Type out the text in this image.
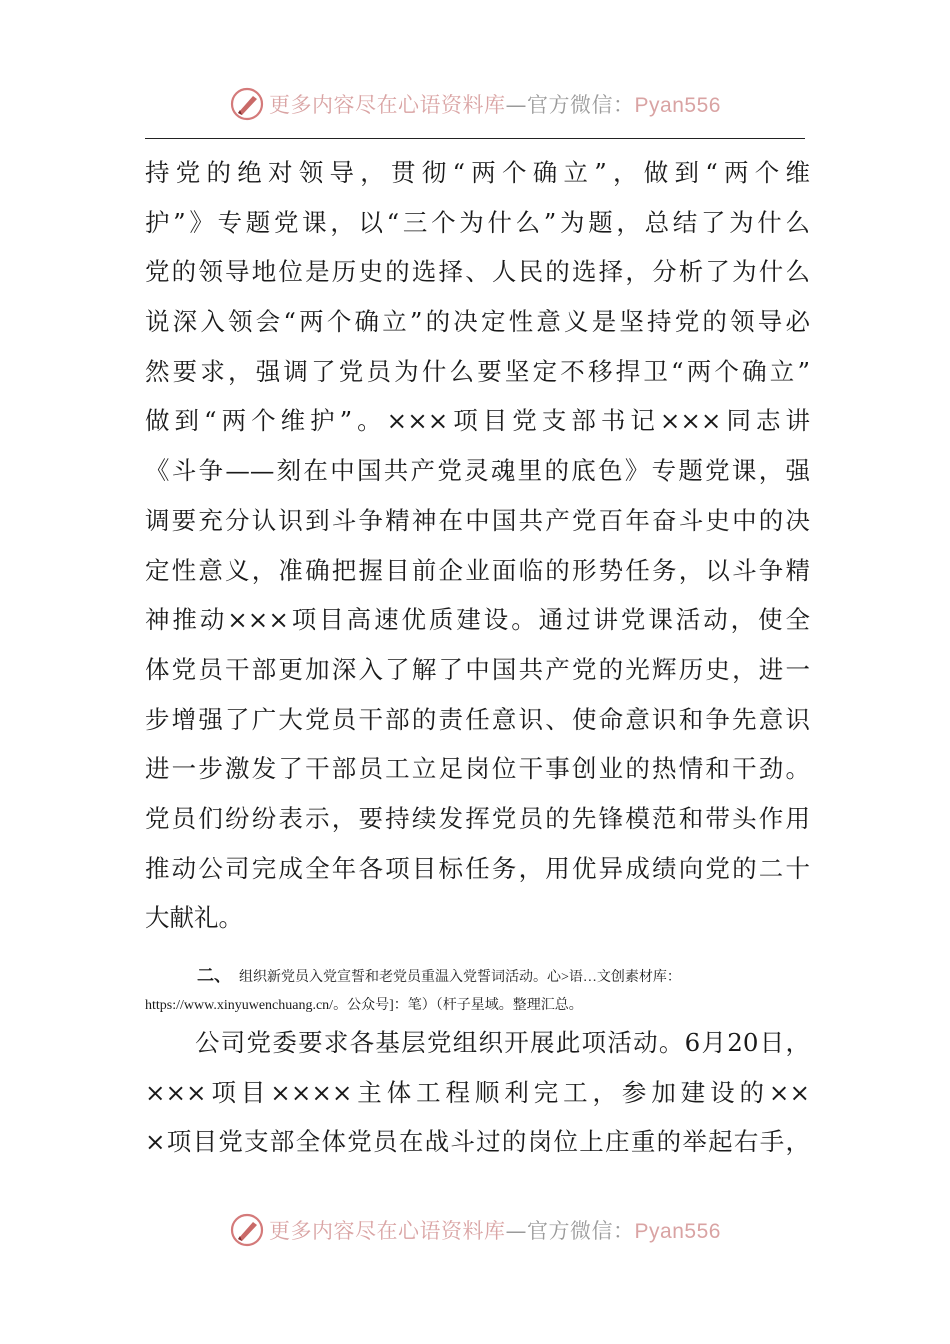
更多内容尽在心语资料库—官方微信：Pyan556
持党的绝对领导，贯彻“两个确立”，做到“两个维
护”》专题党课，以“三个为什么”为题，总结了为什么
党的领导地位是历史的选择、人民的选择，分析了为什么
说深入领会“两个确立”的决定性意义是坚持党的领导必
然要求，强调了党员为什么要坚定不移捍卫“两个确立”
做到“两个维护”。×××项目党支部书记×××同志讲
《斗争——刻在中国共产党灵魂里的底色》专题党课，强
调要充分认识到斗争精神在中国共产党百年奋斗史中的决
定性意义，准确把握目前企业面临的形势任务，以斗争精
神推动×××项目高速优质建设。通过讲党课活动，使全
体党员干部更加深入了解了中国共产党的光辉历史，进一
步增强了广大党员干部的责任意识、使命意识和争先意识
进一步激发了干部员工立足岗位干事创业的热情和干劲。
党员们纷纷表示，要持续发挥党员的先锋模范和带头作用
推动公司完成全年各项目标任务，用优异成绩向党的二十
大献礼。
二、 组织新党员入党宣誓和老党员重温入党誓词活动。心>语…文创素材库：
https://www.xinyuwenchuang.cn/。公众号]：笔）（杆子星域。整理汇总。
公司党委要求各基层党组织开展此项活动。6月20日，
×××项目××××主体工程顺利完工，参加建设的××
×项目党支部全体党员在战斗过的岗位上庄重的举起右手，
更多内容尽在心语资料库—官方微信：Pyan556
